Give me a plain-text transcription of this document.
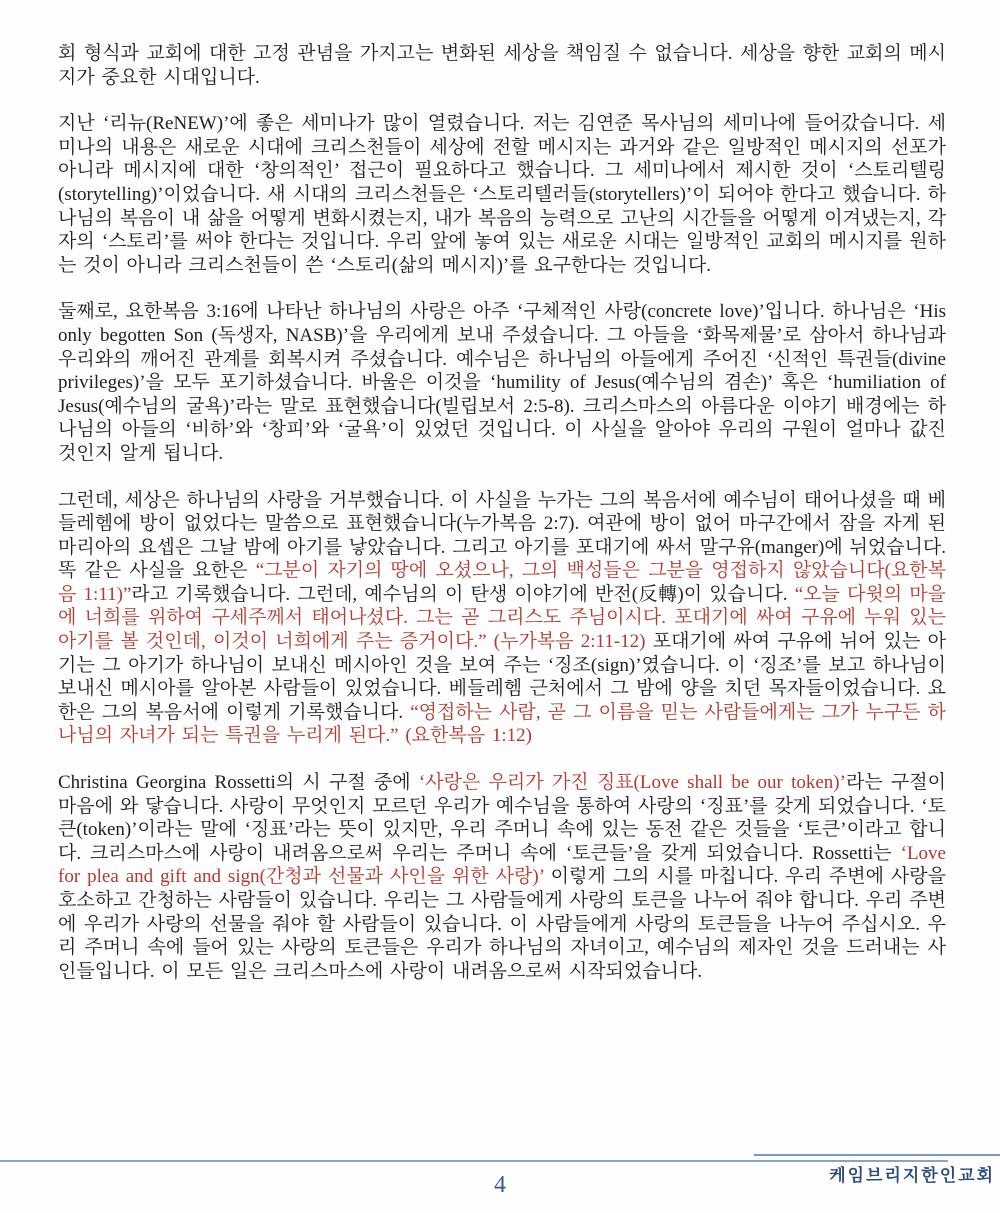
회 형식과 교회에 대한 고정 관념을 가지고는 변화된 세상을 책임질 수 없습니다. 세상을 향한 교회의 메시지가 중요한 시대입니다.

지난 ‘리뉴(ReNEW)’에 좋은 세미나가 많이 열렸습니다. 저는 김연준 목사님의 세미나에 들어갔습니다. 세미나의 내용은 새로운 시대에 크리스천들이 세상에 전할 메시지는 과거와 같은 일방적인 메시지의 선포가 아니라 메시지에 대한 ‘창의적인’ 접근이 필요하다고 했습니다. 그 세미나에서 제시한 것이 ‘스토리텔링(storytelling)’이었습니다. 새 시대의 크리스천들은 ‘스토리텔러들(storytellers)’이 되어야 한다고 했습니다. 하나님의 복음이 내 삶을 어떻게 변화시켰는지, 내가 복음의 능력으로 고난의 시간들을 어떻게 이겨냈는지, 각자의 ‘스토리’를 써야 한다는 것입니다. 우리 앞에 놓여 있는 새로운 시대는 일방적인 교회의 메시지를 원하는 것이 아니라 크리스천들이 쓴 ‘스토리(삶의 메시지)’를 요구한다는 것입니다.

둘째로, 요한복음 3:16에 나타난 하나님의 사랑은 아주 ‘구체적인 사랑(concrete love)’입니다. 하나님은 ‘His only begotten Son (독생자, NASB)’을 우리에게 보내 주셨습니다. 그 아들을 ‘화목제물’로 삼아서 하나님과 우리와의 깨어진 관계를 회복시켜 주셨습니다. 예수님은 하나님의 아들에게 주어진 ‘신적인 특권들(divine privileges)’을 모두 포기하셨습니다. 바울은 이것을 ‘humility of Jesus(예수님의 겸손)’ 혹은 ‘humiliation of Jesus(예수님의 굴욕)’라는 말로 표현했습니다(빌립보서 2:5-8). 크리스마스의 아름다운 이야기 배경에는 하나님의 아들의 ‘비하’와 ‘창피’와 ‘굴욕’이 있었던 것입니다. 이 사실을 알아야 우리의 구원이 얼마나 값진 것인지 알게 됩니다.

그런데, 세상은 하나님의 사랑을 거부했습니다. 이 사실을 누가는 그의 복음서에 예수님이 태어나셨을 때 베들레헴에 방이 없었다는 말씀으로 표현했습니다(누가복음 2:7). 여관에 방이 없어 마구간에서 잠을 자게 된 마리아의 요셉은 그날 밤에 아기를 낳았습니다. 그리고 아기를 포대기에 싸서 말구유(manger)에 뉘었습니다. 똑 같은 사실을 요한은 “그분이 자기의 땅에 오셨으나, 그의 백성들은 그분을 영접하지 않았습니다(요한복음 1:11)”라고 기록했습니다. 그런데, 예수님의 이 탄생 이야기에 반전(反轉)이 있습니다. “오늘 다윗의 마을에 너희를 위하여 구세주께서 태어나셨다. 그는 곧 그리스도 주님이시다. 포대기에 싸여 구유에 누워 있는 아기를 볼 것인데, 이것이 너희에게 주는 증거이다.” (누가복음 2:11-12) 포대기에 싸여 구유에 뉘어 있는 아기는 그 아기가 하나님이 보내신 메시아인 것을 보여 주는 ‘징조(sign)’였습니다. 이 ‘징조’를 보고 하나님이 보내신 메시아를 알아본 사람들이 있었습니다. 베들레헴 근처에서 그 밤에 양을 치던 목자들이었습니다. 요한은 그의 복음서에 이렇게 기록했습니다. “영접하는 사람, 곧 그 이름을 믿는 사람들에게는 그가 누구든 하나님의 자녀가 되는 특권을 누리게 된다.” (요한복음 1:12)

Christina Georgina Rossetti의 시 구절 중에 ‘사랑은 우리가 가진 징표(Love shall be our token)’라는 구절이 마음에 와 닿습니다. 사랑이 무엇인지 모르던 우리가 예수님을 통하여 사랑의 ‘징표’를 갖게 되었습니다. ‘토큰(token)’이라는 말에 ‘징표’라는 뜻이 있지만, 우리 주머니 속에 있는 동전 같은 것들을 ‘토큰’이라고 합니다. 크리스마스에 사랑이 내려옴으로써 우리는 주머니 속에 ‘토큰들’을 갖게 되었습니다. Rossetti는 ‘Love for plea and gift and sign(간청과 선물과 사인을 위한 사랑)’ 이렇게 그의 시를 마칩니다. 우리 주변에 사랑을 호소하고 간청하는 사람들이 있습니다. 우리는 그 사람들에게 사랑의 토큰을 나누어 줘야 합니다. 우리 주변에 우리가 사랑의 선물을 줘야 할 사람들이 있습니다. 이 사람들에게 사랑의 토큰들을 나누어 주십시오. 우리 주머니 속에 들어 있는 사랑의 토큰들은 우리가 하나님의 자녀이고, 예수님의 제자인 것을 드러내는 사인들입니다. 이 모든 일은 크리스마스에 사랑이 내려옴으로써 시작되었습니다.

케임브리지한인교회
4
